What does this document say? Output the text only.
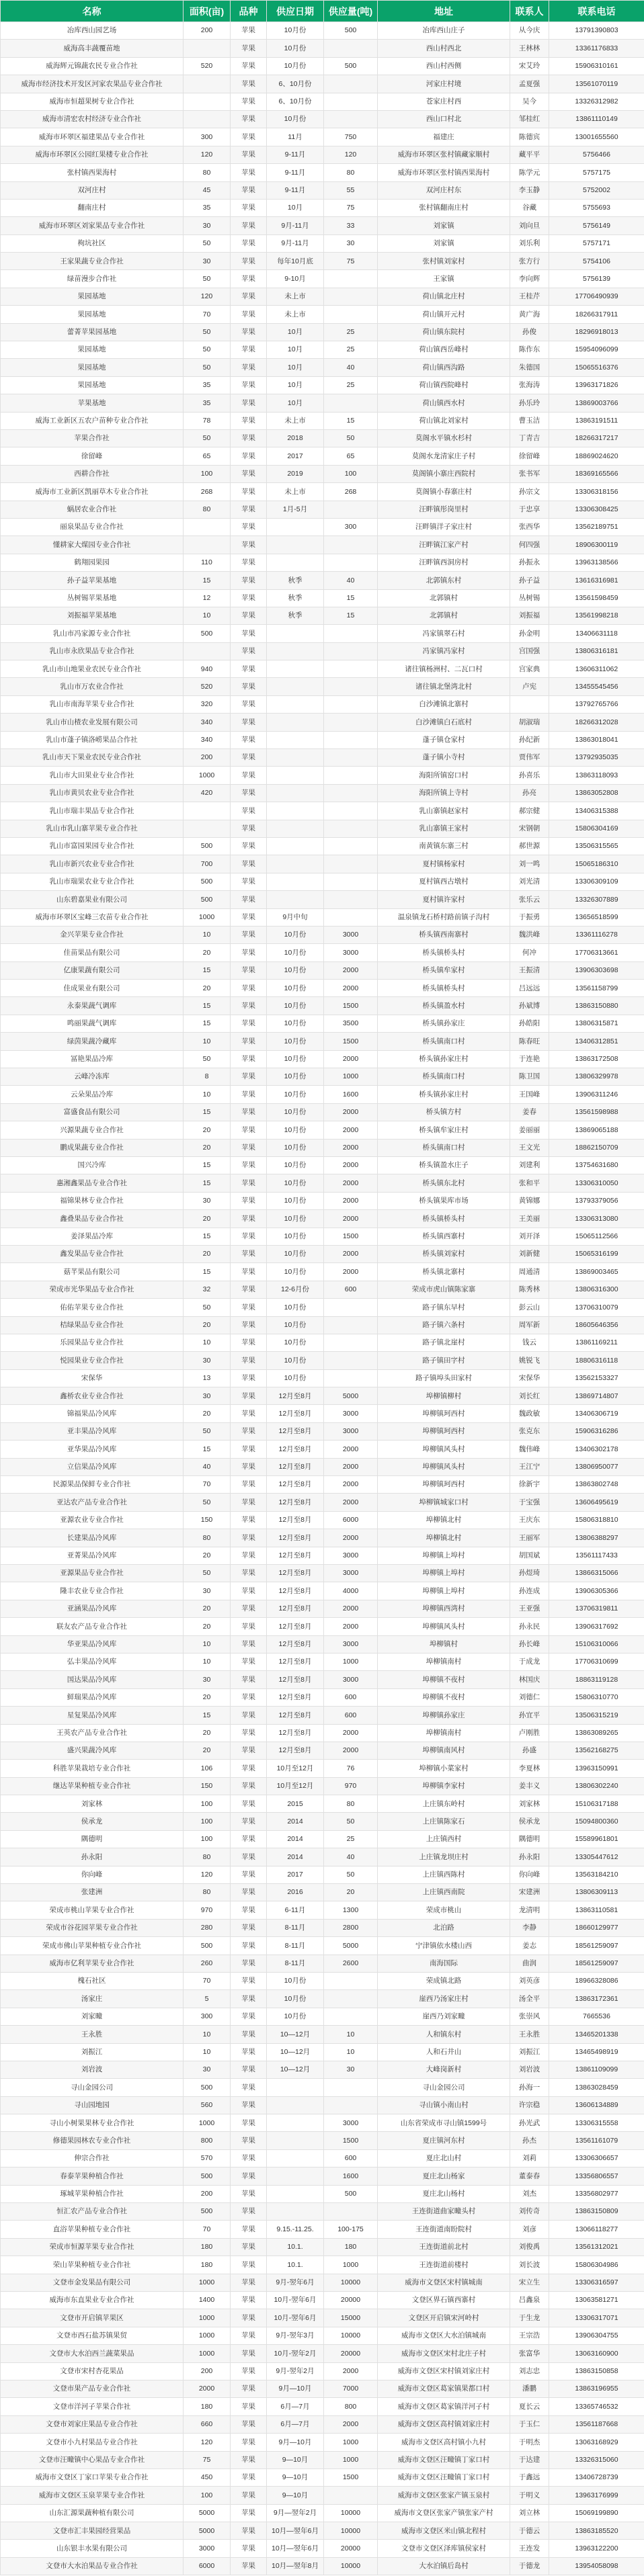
名称	面积(亩)	品种	供应日期	供应量(吨)	地址	联系人	联系电话
冶库西山园艺场	200	苹果	10月份	500	冶库西山庄子	从今庆	13791390803
威海高丰蔬覆苗地		苹果	10月份		西山村西北	王林林	13361176833
威海辉元锦蔬农民专业合作社	520	苹果	10月份	500	西山村西侧	宋艾玲	15906310161
威海市经济技术开发区河家农果品专业合作社		苹果	6、10月份		河家庄村境	孟夏强	13561070119
威海市恒超果树专业合作社		苹果	6、10月份		苍家庄村西	吴今	13326312982
威海市清宏农村经济专业合作社		苹果	10月份		西山口村北	邹桂红	13861110149
威海市环翠区福建果品专业合作社	300	苹果	11月	750	福建庄	陈德宾	13001655560
威海市环翠区公园红果楼专业合作社	120	苹果	9-11月	120	威海市环翠区张村镇藏家顺村	藏平平	5756466
张村镇西果海村	80	苹果	9-11月	80	威海市环翠区张村镇西果海村	陈学元	5757175
双河庄村	45	苹果	9-11月	55	双河庄村东	李玉静	5752002
翻南庄村	35	苹果	10月	75	张村镇翻南庄村	谷藏	5755693
威海市环翠区刘家果品专业合作社	30	苹果	9月-11月	33	刘家镇	刘向旦	5756149
枸坑社区	50	苹果	9月-11月	30	刘家镇	刘乐利	5757171
王家果蔬专业合作社	30	苹果	每年10月底	75	张村镇刘家村	张方行	5754106
绿苗漫步合作社	50	苹果	9-10月		王家镇	李向辉	5756139
果园基地	120	苹果	未上市		荷山镇北庄村	王桂芹	17706490939
果园基地	70	苹果	未上市		荷山镇开元村	黄广海	18266317911
蕾菁苹果园基地	50	苹果	10月	25	荷山镇东院村	孙俊	18296918013
果园基地	50	苹果	10月	25	荷山镇西岳峰村	陈作东	15954096099
果园基地	50	苹果	10月	40	荷山镇西沟路	朱德国	15065516376
果园基地	35	苹果	10月	25	荷山镇西院峰村	张海涛	13963171826
苹果基地	35	苹果	10月		荷山镇西水村	孙乐玲	13869003766
威海工业新区五农户苗种专业合作社	78	苹果	未上市	15	荷山镇北刘家村	曹玉洁	13863191511
苹果合作社	50	苹果	2018	50	莫阁水平镇水杉村	丁青吉	18266317217
徐留峰	65	苹果	2017	65	莫阁水龙清家庄子村	徐留峰	18869024620
西耕合作社	100	苹果	2019	100	莫阁镇小寨庄西院村	张书军	18369165566
威海市工业新区凯丽草木专业合作社	268	苹果	未上市	268	莫阁镇小春寨庄村	孙宗文	13306318156
蜗居农业合作社	80	苹果	1月-5月		汪畔镇彤岗里村	于忠享	13306308425
丽泉果品专业合作社		苹果		300	汪畔镇洋子家庄村	张西华	13562189751
懂耕家大煤园专业合作社		苹果			汪畔镇江家产村	何四强	18906300119
鹤翔园果园	110	苹果			汪畔镇西洞房村	孙振永	13963138566
孙子益苹果基地	15	苹果	秋季	40	北郭镇东村	孙子益	13616316981
丛树锡苹果基地	12	苹果	秋季	15	北郭镇村	丛树锡	13561598459
刘振福苹果基地	10	苹果	秋季	15	北郭镇村	刘振福	13561998218
乳山市冯家源专业合作社	500	苹果			冯家镇翠石村	孙金明	13406631118
乳山市永欣果品专业合作社		苹果			冯家镇冯家村	宫国强	13806316181
乳山市山地果业农民专业合作社	940	苹果			诸往镇杨洲村、二瓦口村	宫家典	13606311062
乳山市万农业合作社	520	苹果			诸往镇北堡湾北村	卢宪	13455545456
乳山市南海苹果专业合作社	320	苹果			白沙滩镇北寨村		13792765766
乳山市山楂农业发展有限公司	340	苹果			白沙滩镇白石底村	胡淑瑞	18266312028
乳山市蓬子镇洛崂果品合作社	340	苹果			蓬子镇仓家村	孙纪新	13863018041
乳山市天下果业农民专业合作社	200	苹果			蓬子镇小寺村	贾伟军	13792935035
乳山市大田果业专业合作社	1000	苹果			海阳所镇窑口村	孙喜乐	13863118093
乳山市黄贝农业专业合作社	420	苹果			海阳所镇上寺村	孙亮	13863052808
乳山市瑞丰果品专业合作社		苹果			乳山寨镇赵家村	郝宗健	13406315388
乳山市乳山寨苹果专业合作社		苹果			乳山寨镇王家村	宋钢朝	15806304169
乳山市富园果园专业合作社	500	苹果			南黄镇东寨三村	郝世源	13506315565
乳山市新兴农业专业合作社	700	苹果			夏村镇杨家村	刘一鸣	15065186310
乳山市瑞果农业专业合作社	500	苹果			夏村镇西古墩村	刘光清	13306309109
山东碧嘉果业有限公司	500	苹果			夏村镇许家村	张乐云	13326307889
威海市环翠区宝峰三农苗专业合作社	1000	苹果	9月中旬		温泉镇龙石桥村路前镇子沟村	于振勇	13656518599
金兴苹果专业合作社	10	苹果	10月份	3000	桥头镇西南寨村	魏洪峰	13361116278
佳苗果品有限公司	20	苹果	10月份	3000	桥头镇桥头村	何冲	17706313661
亿康果蔬有限公司	15	苹果	10月份	2000	桥头镇牟家村	王振清	13906303698
佳成果业有限公司	20	苹果	10月份	2000	桥头镇桥头村	吕远远	13561158799
永泰果蔬气调库	15	苹果	10月份	1500	桥头镇盈水村	孙斌博	13863150880
鸣丽果蔬气调库	15	苹果	10月份	3500	桥头镇孙家庄	孙皓阳	13806315871
绿茵果蔬冷藏库	10	苹果	10月份	1500	桥头镇南口村	陈春旺	13406312851
冨艳果品冷库	50	苹果	10月份	2000	桥头镇孙家庄村	于连艳	13863172508
云峰冷冻库	8	苹果	10月份	1000	桥头镇南口村	陈卫国	13806329978
云朵果品冷库	10	苹果	10月份	1600	桥头镇孙家庄村	王国峰	13906311246
富盛食品有限公司	15	苹果	10月份	2000	桥头镇方村	姜春	13561598988
兴源果蔬专业合作社	20	苹果	10月份	2000	桥头镇牟家庄村	姜丽丽	13869065188
鹏成果蔬专业合作社	20	苹果	10月份	2000	桥头镇南口村	王文光	18862150709
国兴冷库	15	苹果	10月份	2000	桥头镇盈水庄子	刘建利	13754631680
惠湘鑫果品专业合作社	15	苹果	10月份	2000	桥头镇东北村	张和平	13306310050
福锦果林专业合作社	30	苹果	10月份	2000	桥头镇果库市场	黄锦娜	13793379056
鑫叠果品专业合作社	20	苹果	10月份	2000	桥头镇桥头村	王美丽	13306313080
姜泽果品冷库	15	苹果	10月份	1500	桥头镇西寨村	刘开泽	15065112566
鑫发果品专业合作社	20	苹果	10月份	2000	桥头镇刘家村	刘新健	15065316199
菇芊果品有限公司	15	苹果	10月份	2000	桥头镇北寨村	周通清	13869003465
荣成市光华果品专业合作社	32	苹果	12-6月份	600	荣成市虎山镇陈家寨	陈秀林	13806316300
佑佑苹果专业合作社	50	苹果	10月份		路子镇东早村	彭云山	13706310079
桔绿果品专业合作社	20	苹果	10月份		路子镇六条村	周军新	18605646356
乐园果品专业合作社	10	苹果	10月份		路子镇北崖村	钱云	13861169211
悦园果业专业合作社	30	苹果	10月份		路子镇田字村	姚锐飞	18806316118
宋保华	13	苹果	10月份		路子镇埠头田家村	宋保华	13562153327
鑫桥农业专业合作社	30	苹果	12月至8月	5000	埠柳镇柳村	刘长红	13869714807
锦福果品冷风库	20	苹果	12月至8月	3000	埠柳镇珂西村	魏政敏	13406306719
亚丰果品冷风库	50	苹果	12月至8月	3000	埠柳镇珂西村	张克东	15906316286
亚华果品冷风库	15	苹果	12月至8月	2000	埠柳镇风头村	魏伟峰	13406302178
立信果品冷风库	40	苹果	12月至8月	2000	埠柳镇风头村	王江宁	13806950077
民源果品保鲜专业合作社	70	苹果	12月至8月	2000	埠柳镇珂西村	徐新宇	13863802748
亚达农产品专业合作社	50	苹果	12月至8月	2000	埠柳镇城家口村	于宝强	13606495619
亚源农业专业合作社	150	苹果	12月至8月	6000	埠柳镇北村	王庆东	15806318810
长建果品冷风库	80	苹果	12月至8月	2000	埠柳镇北村	王丽军	13806388297
亚菁果品冷风库	20	苹果	12月至8月	3000	埠柳镇上埠村	胡国斌	13561117433
亚源果品专业合作社	50	苹果	12月至8月	3000	埠柳镇上埠村	孙煜琦	13866315066
隆丰农业专业合作社	30	苹果	12月至8月	4000	埠柳镇上埠村	孙连成	13906305366
亚涵果品冷风库	20	苹果	12月至8月	2000	埠柳镇西湾村	王亚强	13706319811
联友农产品专业合作社	20	苹果	12月至8月	2000	埠柳镇风头村	孙永民	13906317692
华亚果品冷风库	10	苹果	12月至8月	3000	埠柳镇村	孙长峰	15106310066
弘丰果品冷风库	10	苹果	12月至8月	1000	埠柳镇南村	于成龙	17706310699
国达果品冷风库	30	苹果	12月至8月	3000	埠柳镇不夜村	林国庆	18863119128
鲜瑞果品冷风库	20	苹果	12月至8月	600	埠柳镇不夜村	刘德仁	15806310770
星复果品冷风库	15	苹果	12月至8月	600	埠柳镇孙家庄	孙宜平	13506315219
王英农产品专业合作社	20	苹果	12月至8月	2000	埠柳镇南村	卢刚胜	13863089265
盛兴果蔬冷风库	20	苹果	12月至8月	2000	埠柳镇南风村	孙盛	13562168275
科胜苹果栽培专业合作社	106	苹果	10月至12月	76	埠柳镇小菜家村	李夏林	13963150991
继达苹果种植专业合作社	150	苹果	10月至12月	970	埠柳镇李家村	姜丰义	13806302240
刘家林	100	苹果	2015	80	上庄镇东岭村	刘家林	15106317188
侯承龙	100	苹果	2014	50	上庄镇陈家石	侯承龙	15094800360
隅德明	100	苹果	2014	25	上庄镇西村	隅德明	15589961801
孙永阳	80	苹果	2014	40	上庄镇龙坝庄村	孙永阳	13305447612
你向峰	120	苹果	2017	50	上庄镇西陈村	你向峰	13563184210
张建洲	80	苹果	2016	20	上庄镇西南院	宋建洲	13806309113
荣成市桃山苹果专业合作社	970	苹果	6-11月	1300	荣成市桃山	龙清明	13863110581
荣成市谷花园苹果专业合作社	280	苹果	8-11月	2800	北泊路	李静	18660129977
荣成市佛山苹果种植专业合作社	500	苹果	8-11月	5000	宁津镇依水楼山西	姜志	18561259097
威海市亿利苹果专业合作社	260	苹果	8-11月	2600	南海国际	曲润	18561259097
槐石社区	70	苹果	10月份		荣成镇北路	刘英彦	18966328086
汤家庄	5	苹果	10月份		崖西乃汤家庄村	汤全平	13863172361
刘家疃	300	苹果	10月份		崖西乃刘家疃	张崇风	7665536
王永胜	10	苹果	10—12月	10	人和镇东村	王永胜	13465201338
刘振江	10	苹果	10—12月	10	人和石井山	刘振江	13465498919
刘岩波	30	苹果	10—12月	30	大峰岗新村	刘岩波	13861109099
寻山金园公司	500	苹果			寻山金园公司	孙海一	13863028459
寻山园地园	560	苹果			寻山镇小南山村	许宗稳	13606134889
寻山小树果果林专业合作社	1000	苹果		3000	山东省荣成市寻山镇1599号	孙光武	13306315558
修德果园林农专业合作社	800	苹果		1500	夏庄镇河东村	孙杰	13561161079
伸宗合作社	570	苹果		600	夏庄北山村	刘莉	13306306657
春泰苹果种植合作社	500	苹果		1600	夏庄北山杨家	董泰春	13356806557
琢城苹果种植合作社	200	苹果		500	夏庄北山杨村	刘杰	13356802977
恒汇农产品专业合作社	500	苹果			王连街道曲家疃头村	刘传奇	13863150809
直浴苹果种植专业合作社	70	苹果	9.15.-11.25.	100-175	王连街道南盼院村	刘彦	13066118277
荣成市恒源苹果专业合作社	180	苹果	10.1.	180	王连街道前北村	刘俊禹	13561312021
荣山苹果种植专业合作社	180	苹果	10.1.	1000	王连街道前楼村	刘长波	15806304986
文登市金发果品有限公司	1000	苹果	9月-翌年6月	10000	威海市文登区宋村镇城南	宋立生	13306316597
威海市东直果业专业合作社	1400	苹果	10月-翌年6月	20000	文登区界石镇西寨村	吕鑫泉	13063581271
文登市开启镇苹果区	1000	苹果	10月-翌年6月	15000	文登区开启镇宋河岭村	于生龙	13306317071
文登市西石盐苏镇果贸	1000	苹果	9月-翌年3月	10000	威海市文登区大水泊镇城南	王宗浩	13906304755
文登市大水泊西兰蔬菜果品	1000	苹果	10月-翌年2月	20000	威海市文登区宋村北庄子村	张富华	13063160900
文登市宋村杏花果品	200	苹果	9月-翌年2月	2000	威海市文登区宋村镇刘家庄村	刘志忠	13863150858
文登市果产品专业合作社	2000	苹果	9月—10月	7000	威海市文登区葛家镇果都口村	潘鹏	13863196955
文登市洋河子苹果合作社	180	苹果	6月—7月	800	威海市文登区葛家镇洋河子村	夏长云	13365746532
文登市刘家庄果品专业合作社	660	苹果	6月—7月	2000	威海市文登区高村镇刘家庄村	于玉仁	13561187668
文登市小九村果品专业合作社	120	苹果	9月—10月	1000	威海市文登区高村镇小九村	于明杰	13063168929
文登市汪疃镇中心果品专业合作社	75	苹果	9—10月	1000	威海市文登区汪疃镇丁家口村	于达建	13326315060
威海市文登区丁家口苹果专业合作社	450	苹果	9—10月	1500	威海市文登区汪疃镇丁家口村	于鑫远	13406728739
威海市文登区玉泉苹果专业合作社	100	苹果	9—10月		威海市文登区张家产镇玉泉村	于明义	13963176999
山东汇源果蔬种植有限公司	5000	苹果	9月—翌年2月	10000	威海市文登区张家产镇张家产村	刘立林	15069199890
文登市汇丰果园经营果品	5000	苹果	10月—翌年6月	10000	威海市文登区米山镇北程村	于德云	13863185520
山东银丰水果有限公司	3000	苹果	10月—翌年6月	20000	文登市文登区泽库镇侯家村	王连发	13963122200
文登市大水泊果品专业合作社	6000	苹果	10月—翌年8月	10000	大水泊镇后岛村	于德龙	13954058098
